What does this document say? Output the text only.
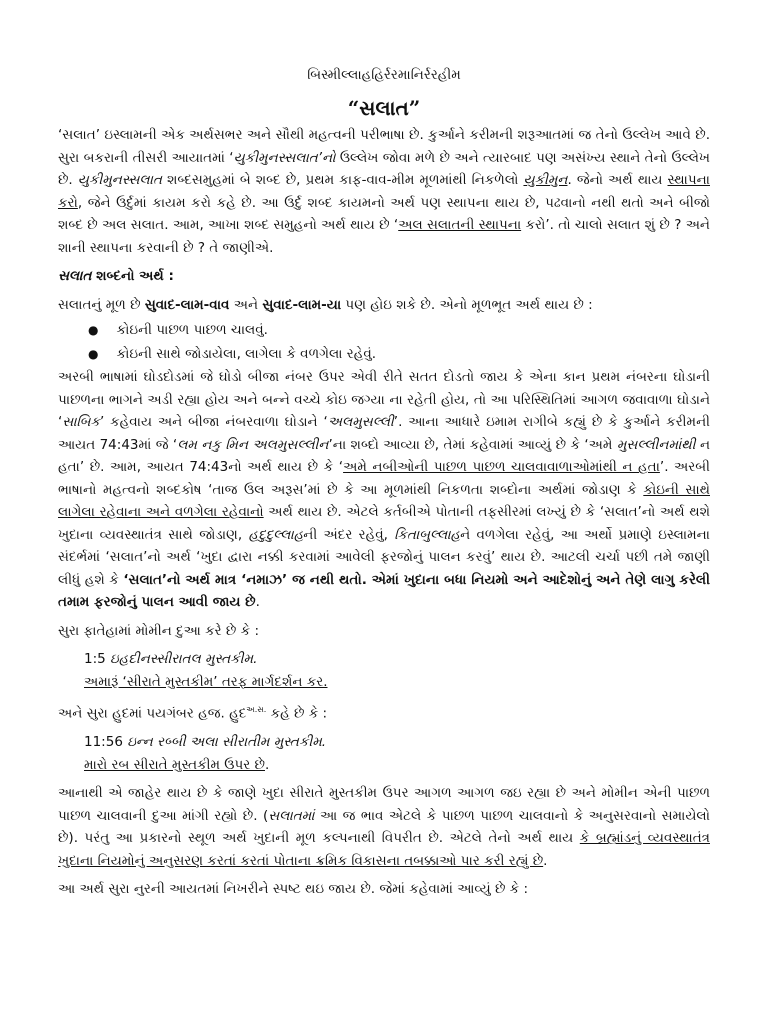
બિસ્મીલ્લાહહિર્રરમાનિર્રરહીમ
“સલાત”

‘સલાત’ ઇસ્લામની એક અર્થસભર અને સૌથી મહત્વની પરીભાષા છે. કુર્આને કરીમની શરૂઆતમાં જ તેનો ઉલ્લેખ આવે છે. સુરા બકરાની તીસરી આયાતમાં ‘યુકીમુનસ્સલાત’નો ઉલ્લેખ જોવા મળે છે અને ત્યારબાદ પણ અસંખ્ય સ્થાને તેનો ઉલ્લેખ છે. યુકીમુનસ્સલાત શબ્દસમુહમાં બે શબ્દ છે, પ્રથમ કાફ-વાવ-મીમ મૂળમાંથી નિકળેલો યુકીમુન. જેનો અર્થ થાય સ્થાપના કરો, જેને ઉર્દુમાં કાયમ કરો કહે છે. આ ઉર્દુ શબ્દ કાયમનો અર્થ પણ સ્થાપના થાય છે, પઢવાનો નથી થતો અને બીજો શબ્દ છે અલ સલાત. આમ, આખા શબ્દ સમુહનો અર્થ થાય છે ‘અલ સલાતની સ્થાપના કરો’. તો ચાલો સલાત શું છે ? અને શાની સ્થાપના કરવાની છે ? તે જાણીએ.

સલાત શબ્દનો અર્થ :

સલાતનું મૂળ છે સુવાદ-લામ-વાવ અને સુવાદ-લામ-યા પણ હોઇ શકે છે. એનો મૂળભૂત અર્થ થાય છે :

● કોઇની પાછળ પાછળ ચાલવું.
● કોઇની સાથે જોડાયેલા, લાગેલા કે વળગેલા રહેવું.

અરબી ભાષામાં ઘોડદોડમાં જે ઘોડો બીજા નંબર ઉપર એવી રીતે સતત દોડતો જાય કે એના કાન પ્રથમ નંબરના ઘોડાની પાછળના ભાગને અડી રહ્યા હોય અને બન્ને વચ્ચે કોઇ જગ્યા ના રહેતી હોય, તો આ પરિસ્થિતિમાં આગળ જવાવાળા ઘોડાને ‘સાબિક’ કહેવાય અને બીજા નંબરવાળા ઘોડાને ‘અલમુસલ્લી’. આના આધારે ઇમામ રાગીબે કહ્યું છે કે કુર્આને કરીમની આયત 74:43માં જે ‘લમ નકુ મિન અલમુસલ્લીન’ના શબ્દો આવ્યા છે, તેમાં કહેવામાં આવ્યું છે કે ‘અમે મુસલ્લીનમાંથી ન હતા’ છે. આમ, આયત 74:43નો અર્થ થાય છે કે ‘અમે નબીઓની પાછળ પાછળ ચાલવાવાળાઓમાંથી ન હતા’. અરબી ભાષાનો મહત્વનો શબ્દકોષ ‘તાજ ઉલ અરૂસ’માં છે કે આ મૂળમાંથી નિકળતા શબ્દોના અર્થમાં જોડાણ કે કોઇની સાથે લાગેલા રહેવાના અને વળગેલા રહેવાનો અર્થ થાય છે. એટલે કર્તબીએ પોતાની તફસીરમાં લખ્યું છે કે ‘સલાત’નો અર્થ થશે ખુદાના વ્યવસ્થાતંત્ર સાથે જોડાણ, હદુદુલ્લાહની અંદર રહેવું, કિતાબુલ્લાહને વળગેલા રહેવું, આ અર્થો પ્રમાણે ઇસ્લામના સંદર્ભમાં ‘સલાત’નો અર્થ ‘ખુદા દ્વારા નક્કી કરવામાં આવેલી ફરજોનું પાલન કરવું’ થાય છે. આટલી ચર્ચા પછી તમે જાણી લીધું હશે કે ‘સલાત’નો અર્થ માત્ર ‘નમાઝ’ જ નથી થતો. એમાં ખુદાના બધા નિયમો અને આદેશોનું અને તેણે લાગુ કરેલી તમામ ફરજોનું પાલન આવી જાય છે.

સુરા ફાતેહામાં મોમીન દુઆ કરે છે કે :

1:5 ઇહદીનસ્સીરાતલ મુસ્તકીમ.
અમારૂં ‘સીરાતે મુસ્તકીમ’ તરફ માર્ગદર્શન કર.

અને સુરા હુદમાં પયગંબર હજ. હુદ$^{અ.સ.}$ કહે છે કે :

11:56 ઇન્ન રબ્બી અલા સીરાતીમ મુસ્તકીમ.
મારો રબ સીરાતે મુસ્તકીમ ઉપર છે.

આનાથી એ જાહેર થાય છે કે જાણે ખુદા સીરાતે મુસ્તકીમ ઉપર આગળ આગળ જઇ રહ્યા છે અને મોમીન એની પાછળ પાછળ ચાલવાની દુઆ માંગી રહ્યો છે. (સલાતમાં આ જ ભાવ એટલે કે પાછળ પાછળ ચાલવાનો કે અનુસરવાનો સમાયેલો છે). પરંતુ આ પ્રકારનો સ્થૂળ અર્થ ખુદાની મૂળ કલ્પનાથી વિપરીત છે. એટલે તેનો અર્થ થાય કે બ્રહ્માંડનું વ્યવસ્થાતંત્ર ખુદાના નિયમોનું અનુસરણ કરતાં કરતાં પોતાના ક્રમિક વિકાસના તબક્કાઓ પાર કરી રહ્યું છે.

આ અર્થ સુરા નુરની આયતમાં નિખરીને સ્પષ્ટ થઇ જાય છે. જેમાં કહેવામાં આવ્યું છે કે :
